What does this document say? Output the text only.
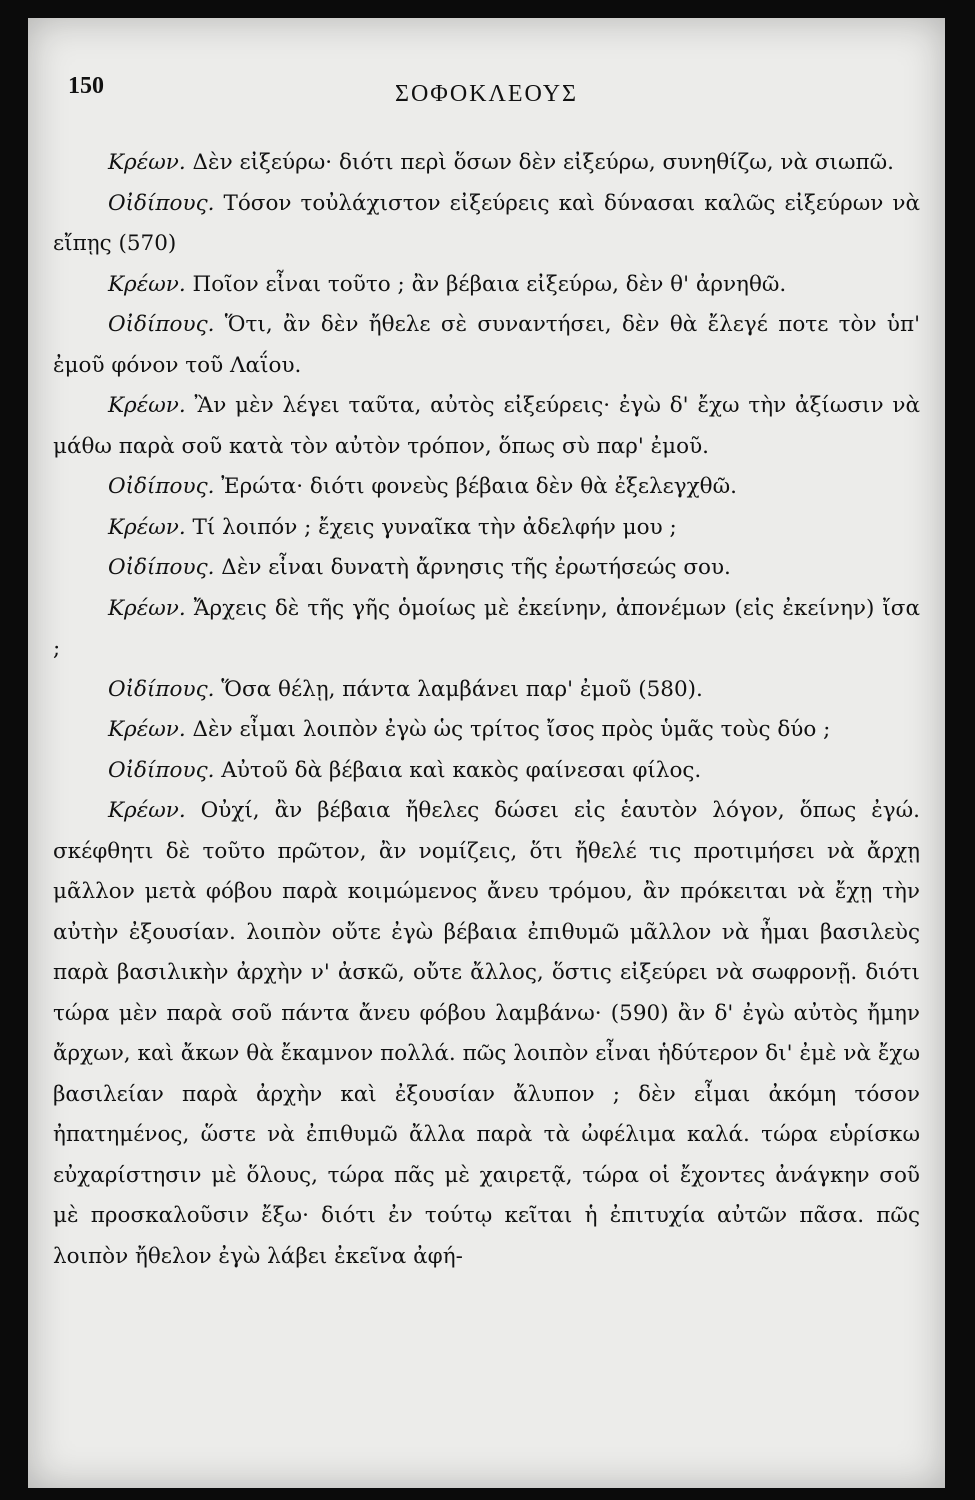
150	ΣΟΦΟΚΛΕΟΥΣ

Κρέων. Δὲν εἰξεύρω· διότι περὶ ὅσων δὲν εἰξεύρω, συνηθίζω, νὰ σιωπῶ.

Οἰδίπους. Τόσον τοὐλάχιστον εἰξεύρεις καὶ δύνασαι καλῶς εἰξεύρων νὰ εἴπῃς (570)

Κρέων. Ποῖον εἶναι τοῦτο ; ἂν βέβαια εἰξεύρω, δὲν θ' ἀρνηθῶ.

Οἰδίπους. Ὅτι, ἂν δὲν ἤθελε σὲ συναντήσει, δὲν θὰ ἔλεγέ ποτε τὸν ὑπ' ἐμοῦ φόνον τοῦ Λαΐου.

Κρέων. Ἂν μὲν λέγει ταῦτα, αὐτὸς εἰξεύρεις· ἐγὼ δ' ἔχω τὴν ἀξίωσιν νὰ μάθω παρὰ σοῦ κατὰ τὸν αὐτὸν τρόπον, ὅπως σὺ παρ' ἐμοῦ.

Οἰδίπους. Ἐρώτα· διότι φονεὺς βέβαια δὲν θὰ ἐξελεγχθῶ.

Κρέων. Τί λοιπόν ; ἔχεις γυναῖκα τὴν ἀδελφήν μου ;

Οἰδίπους. Δὲν εἶναι δυνατὴ ἄρνησις τῆς ἐρωτήσεώς σου.

Κρέων. Ἄρχεις δὲ τῆς γῆς ὁμοίως μὲ ἐκείνην, ἀπονέμων (εἰς ἐκείνην) ἴσα ;

Οἰδίπους. Ὅσα θέλῃ, πάντα λαμβάνει παρ' ἐμοῦ (580).

Κρέων. Δὲν εἶμαι λοιπὸν ἐγὼ ὡς τρίτος ἴσος πρὸς ὑμᾶς τοὺς δύο ;

Οἰδίπους. Αὐτοῦ δὰ βέβαια καὶ κακὸς φαίνεσαι φίλος.

Κρέων. Οὐχί, ἂν βέβαια ἤθελες δώσει εἰς ἑαυτὸν λόγον, ὅπως ἐγώ. σκέφθητι δὲ τοῦτο πρῶτον, ἂν νομίζεις, ὅτι ἤθελέ τις προτιμήσει νὰ ἄρχῃ μᾶλλον μετὰ φόβου παρὰ κοιμώμενος ἄνευ τρόμου, ἂν πρόκειται νὰ ἔχῃ τὴν αὐτὴν ἐξουσίαν. λοιπὸν οὔτε ἐγὼ βέβαια ἐπιθυμῶ μᾶλλον νὰ ἦμαι βασιλεὺς παρὰ βασιλικὴν ἀρχὴν ν' ἀσκῶ, οὔτε ἄλλος, ὅστις εἰξεύρει νὰ σωφρονῇ. διότι τώρα μὲν παρὰ σοῦ πάντα ἄνευ φόβου λαμβάνω· (590) ἂν δ' ἐγὼ αὐτὸς ἤμην ἄρχων, καὶ ἄκων θὰ ἔκαμνον πολλά. πῶς λοιπὸν εἶναι ἡδύτερον δι' ἐμὲ νὰ ἔχω βασιλείαν παρὰ ἀρχὴν καὶ ἐξουσίαν ἄλυπον ; δὲν εἶμαι ἀκόμη τόσον ἠπατημένος, ὥστε νὰ ἐπιθυμῶ ἄλλα παρὰ τὰ ὠφέλιμα καλά. τώρα εὑρίσκω εὐχαρίστησιν μὲ ὅλους, τώρα πᾶς μὲ χαιρετᾷ, τώρα οἱ ἔχοντες ἀνάγκην σοῦ μὲ προσκαλοῦσιν ἔξω· διότι ἐν τούτῳ κεῖται ἡ ἐπιτυχία αὐτῶν πᾶσα. πῶς λοιπὸν ἤθελον ἐγὼ λάβει ἐκεῖνα ἀφή-
